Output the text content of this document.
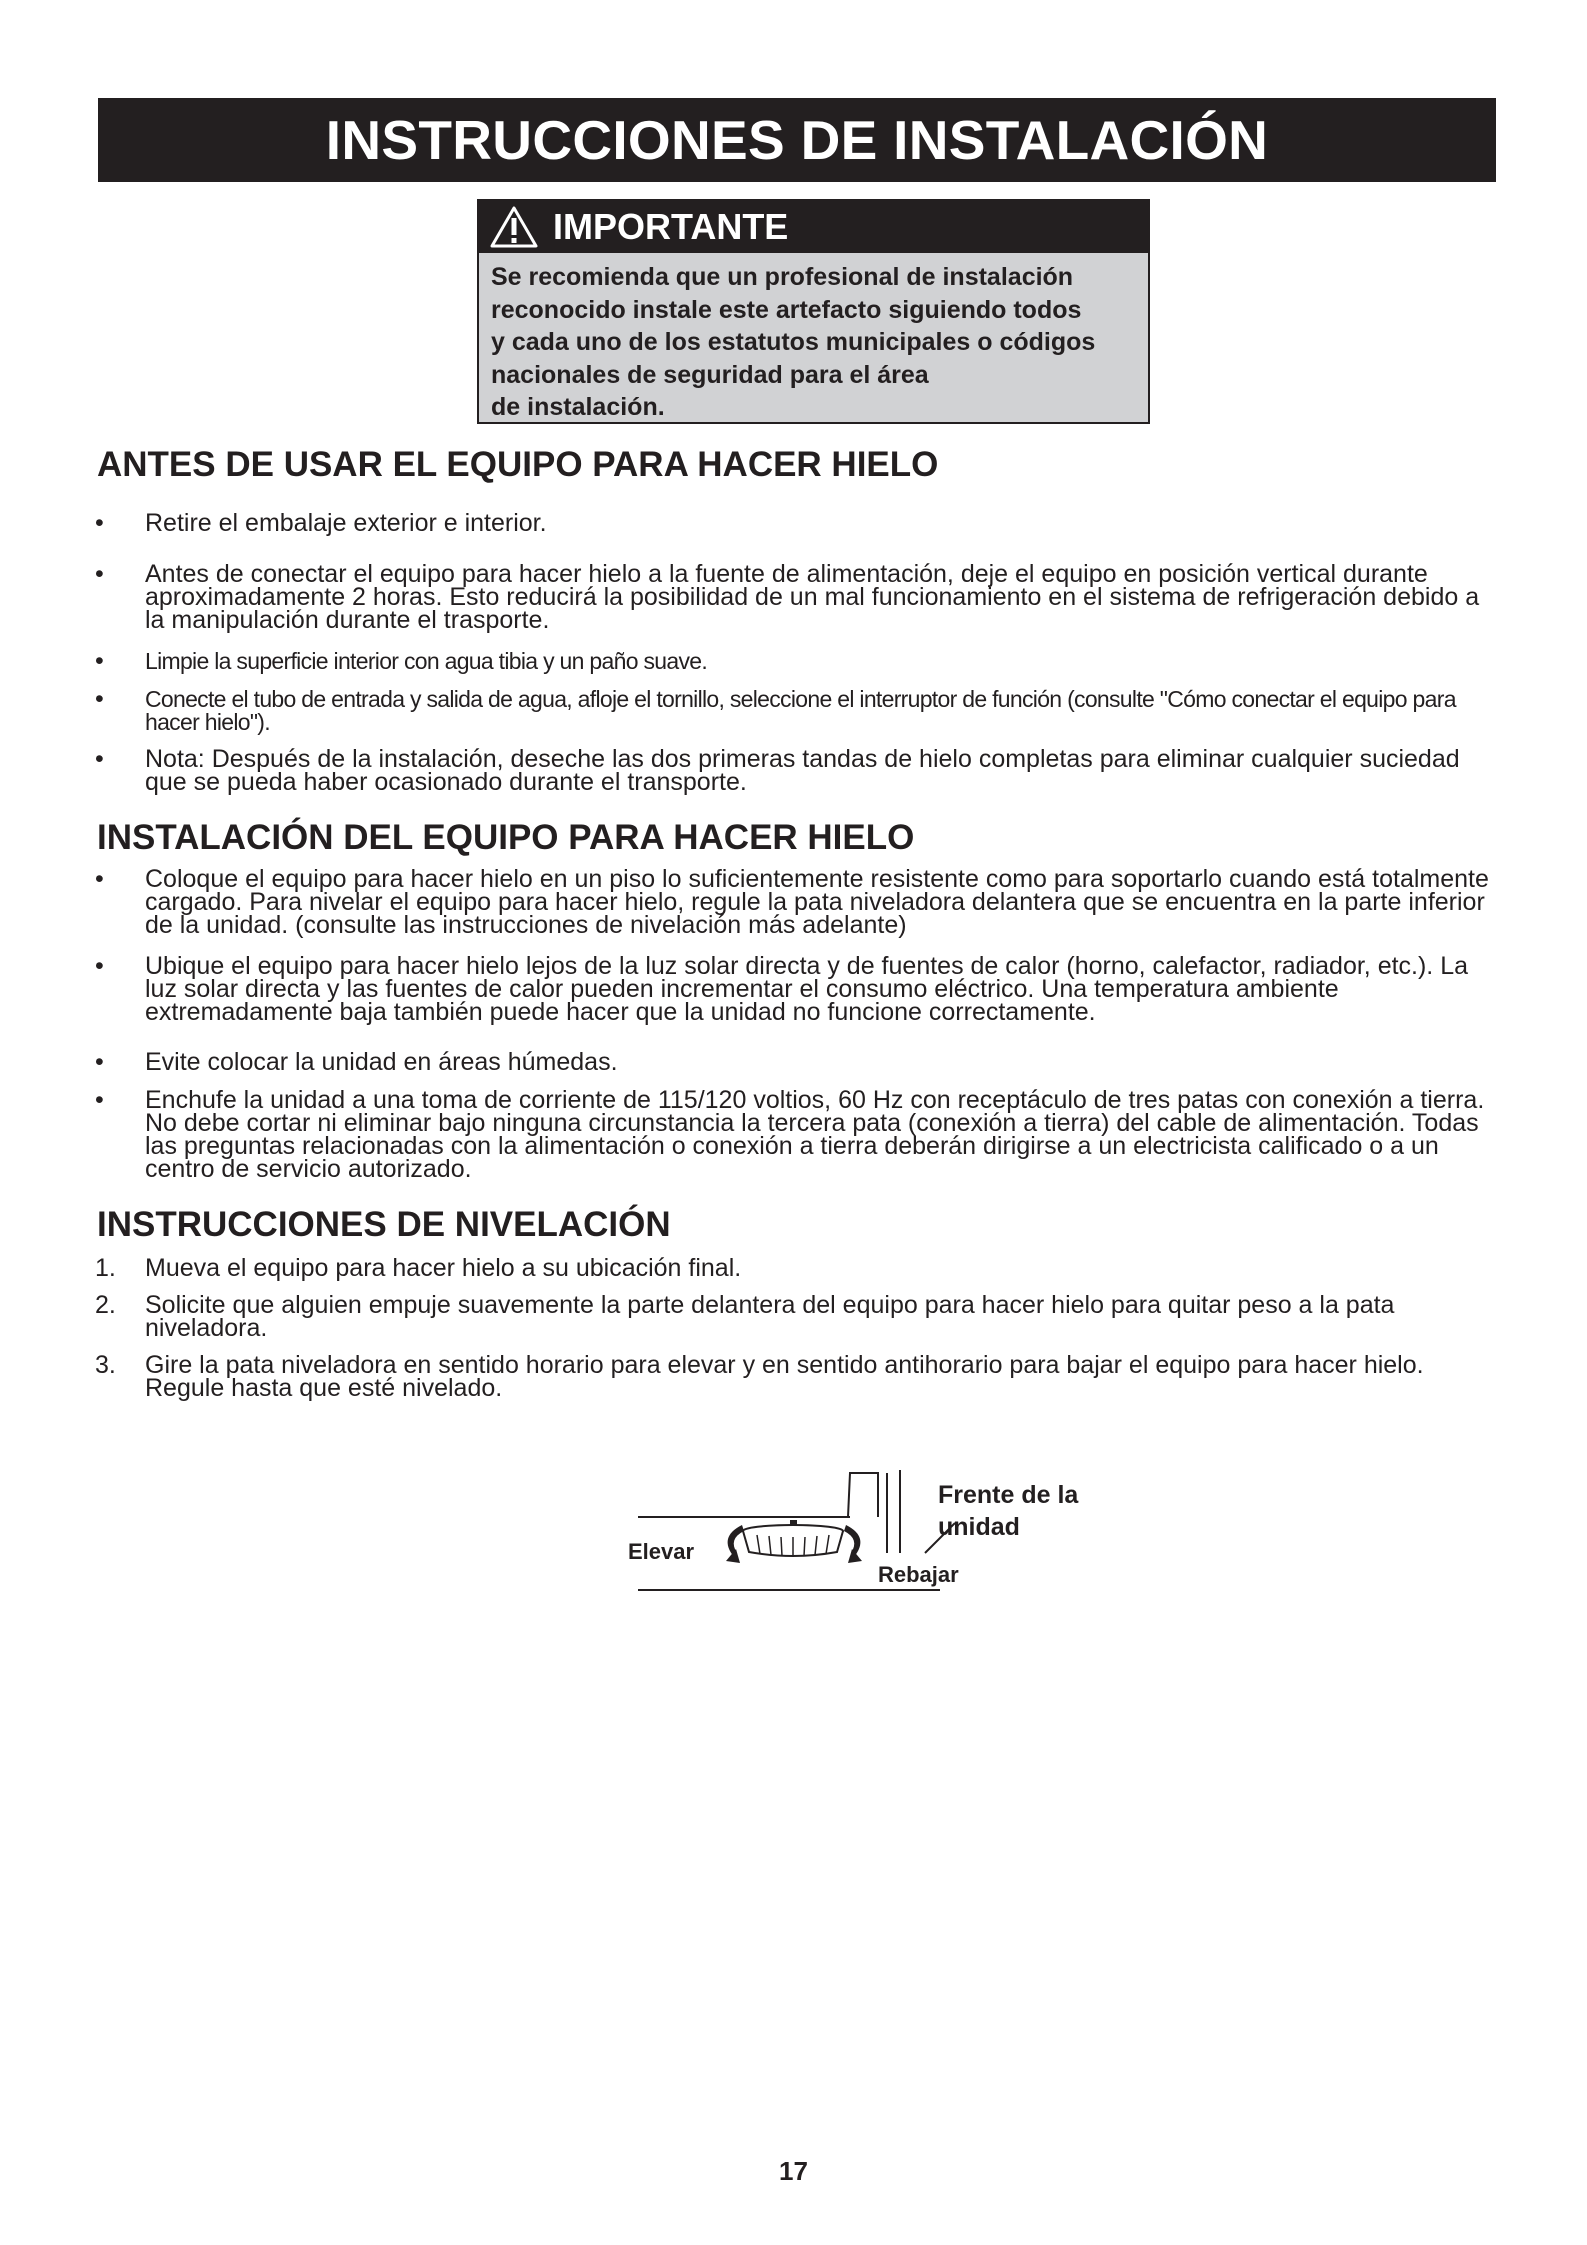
INSTRUCCIONES DE INSTALACIÓN
IMPORTANTE
Se recomienda que un profesional de instalación
reconocido instale este artefacto siguiendo todos
y cada uno de los estatutos municipales o códigos
nacionales de seguridad para el área
de instalación.
ANTES DE USAR EL EQUIPO PARA HACER HIELO
•	Retire el embalaje exterior e interior.
•	Antes de conectar el equipo para hacer hielo a la fuente de alimentación, deje el equipo en posición vertical durante aproximadamente 2 horas. Esto reducirá la posibilidad de un mal funcionamiento en el sistema de refrigeración debido a la manipulación durante el trasporte.
•	Limpie la superficie interior con agua tibia y un paño suave.
•	Conecte el tubo de entrada y salida de agua, afloje el tornillo, seleccione el interruptor de función (consulte "Cómo conectar el equipo para hacer hielo").
•	Nota: Después de la instalación, deseche las dos primeras tandas de hielo completas para eliminar cualquier suciedad que se pueda haber ocasionado durante el transporte.
INSTALACIÓN DEL EQUIPO PARA HACER HIELO
•	Coloque el equipo para hacer hielo en un piso lo suficientemente resistente como para soportarlo cuando está totalmente cargado. Para nivelar el equipo para hacer hielo, regule la pata niveladora delantera que se encuentra en la parte inferior de la unidad. (consulte las instrucciones de nivelación más adelante)
•	Ubique el equipo para hacer hielo lejos de la luz solar directa y de fuentes de calor (horno, calefactor, radiador, etc.). La luz solar directa y las fuentes de calor pueden incrementar el consumo eléctrico. Una temperatura ambiente extremadamente baja también puede hacer que la unidad no funcione correctamente.
•	Evite colocar la unidad en áreas húmedas.
•	Enchufe la unidad a una toma de corriente de 115/120 voltios, 60 Hz con receptáculo de tres patas con conexión a tierra. No debe cortar ni eliminar bajo ninguna circunstancia la tercera pata (conexión a tierra) del cable de alimentación. Todas las preguntas relacionadas con la alimentación o conexión a tierra deberán dirigirse a un electricista calificado o a un centro de servicio autorizado.
INSTRUCCIONES DE NIVELACIÓN
1.	Mueva el equipo para hacer hielo a su ubicación final.
2.	Solicite que alguien empuje suavemente la parte delantera del equipo para hacer hielo para quitar peso a la pata niveladora.
3.	Gire la pata niveladora en sentido horario para elevar y en sentido antihorario para bajar el equipo para hacer hielo. Regule hasta que esté nivelado.
Elevar
Rebajar
Frente de la
unidad
17
